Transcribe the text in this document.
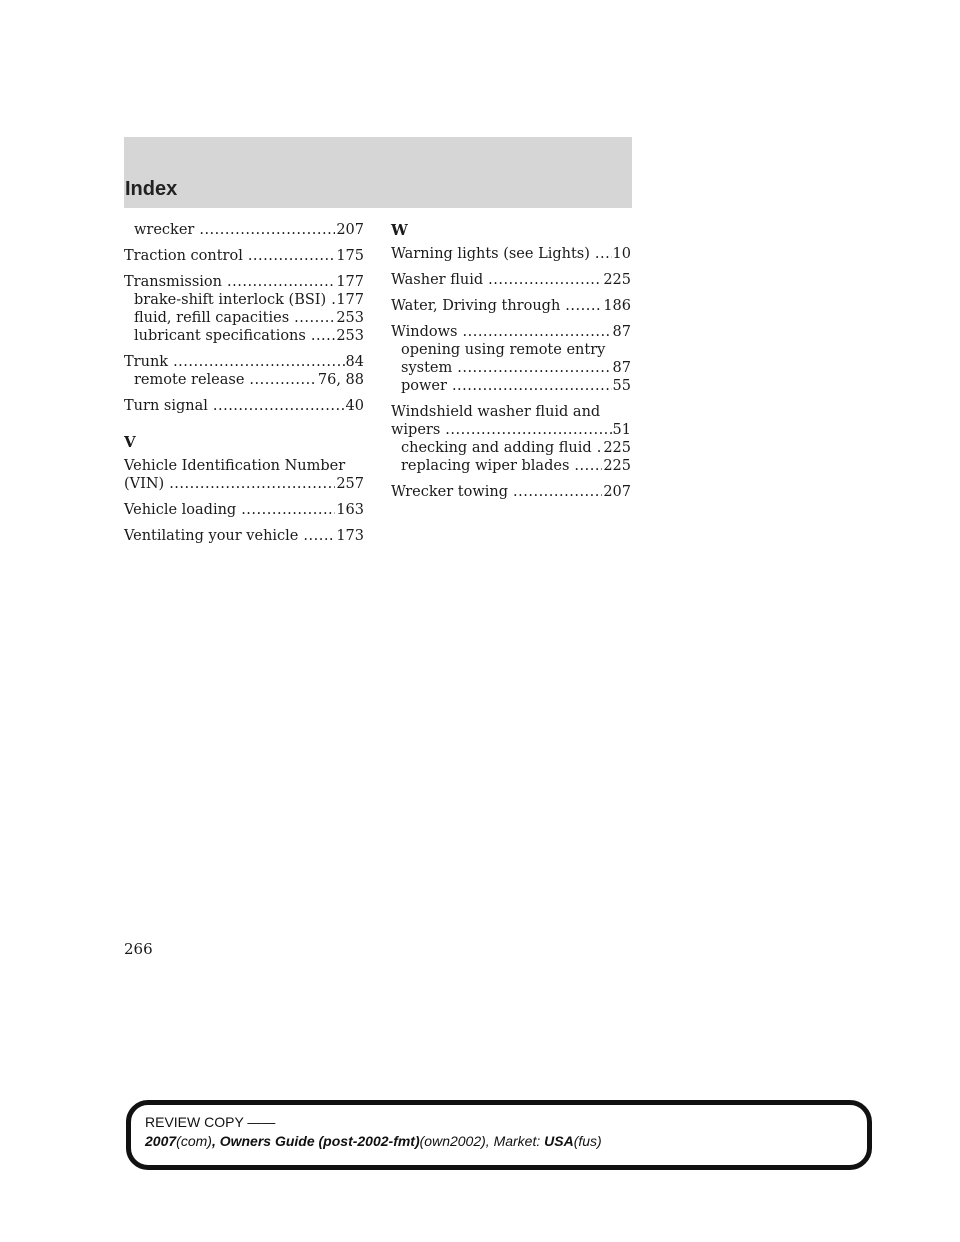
Index
wrecker .....	207
Traction control .....	175
Transmission .....	177
brake-shift interlock (BSI) ..... 177
fluid, refill capacities .....	253
lubricant specifications ..... 253
Trunk .....	84
remote release .....	76, 88
Turn signal .....	40
V
Vehicle Identification Number
(VIN) .....	257
Vehicle loading .....	163
Ventilating your vehicle .....	173
W
Warning lights (see Lights) ..... 10
Washer fluid .....	225
Water, Driving through .....	186
Windows .....	87
opening using remote entry
system .....	87
power .....	55
Windshield washer fluid and
wipers .....	51
checking and adding fluid ..... 225
replacing wiper blades ..... 225
Wrecker towing .....	207
266
REVIEW COPY ——
2007(com), Owners Guide (post-2002-fmt)(own2002), Market: USA(fus)
